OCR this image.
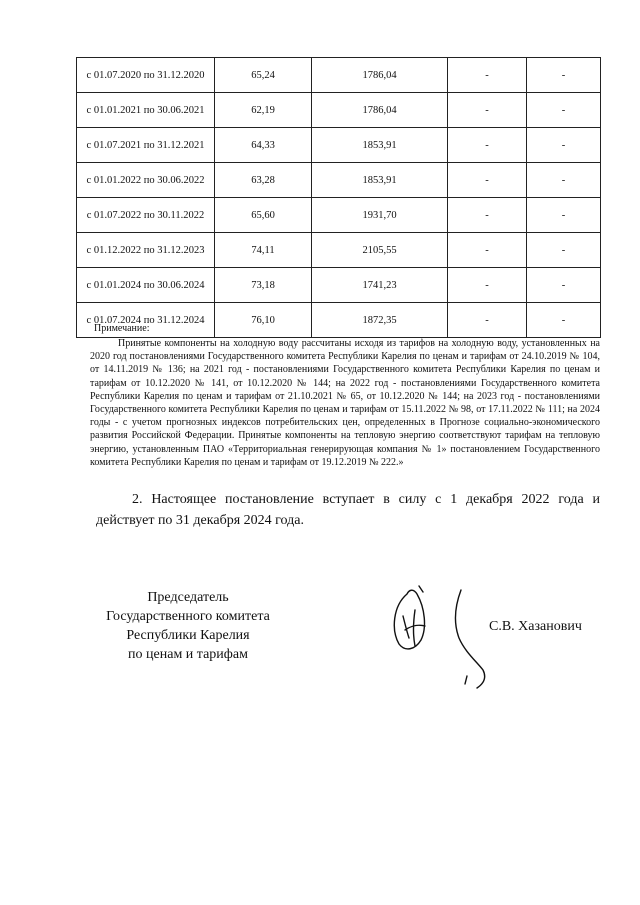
с 01.07.2020 по 31.12.2020	65,24	1786,04	-	-
с 01.01.2021 по 30.06.2021	62,19	1786,04	-	-
с 01.07.2021 по 31.12.2021	64,33	1853,91	-	-
с 01.01.2022 по 30.06.2022	63,28	1853,91	-	-
с 01.07.2022 по 30.11.2022	65,60	1931,70	-	-
с 01.12.2022 по 31.12.2023	74,11	2105,55	-	-
с 01.01.2024 по 30.06.2024	73,18	1741,23	-	-
с 01.07.2024 по 31.12.2024	76,10	1872,35	-	-
Примечание:

Принятые компоненты на холодную воду рассчитаны исходя из тарифов на холодную воду, установленных на 2020 год постановлениями Государственного комитета Республики Карелия по ценам и тарифам от 24.10.2019 № 104, от 14.11.2019 № 136; на 2021 год - постановлениями Государственного комитета Республики Карелия по ценам и тарифам от 10.12.2020 № 141, от 10.12.2020 № 144; на 2022 год - постановлениями Государственного комитета Республики Карелия по ценам и тарифам от 21.10.2021 № 65, от 10.12.2020 № 144; на 2023 год - постановлениями Государственного комитета Республики Карелия по ценам и тарифам от 15.11.2022 № 98, от 17.11.2022 № 111; на 2024 годы - с учетом прогнозных индексов потребительских цен, определенных в Прогнозе социально-экономического развития Российской Федерации. Принятые компоненты на тепловую энергию соответствуют тарифам на тепловую энергию, установленным ПАО «Территориальная генерирующая компания № 1» постановлением Государственного комитета Республики Карелия по ценам и тарифам от 19.12.2019 № 222.»

2. Настоящее постановление вступает в силу с 1 декабря 2022 года и действует по 31 декабря 2024 года.

Председатель
Государственного комитета
Республики Карелия
по ценам и тарифам
С.В. Хазанович
